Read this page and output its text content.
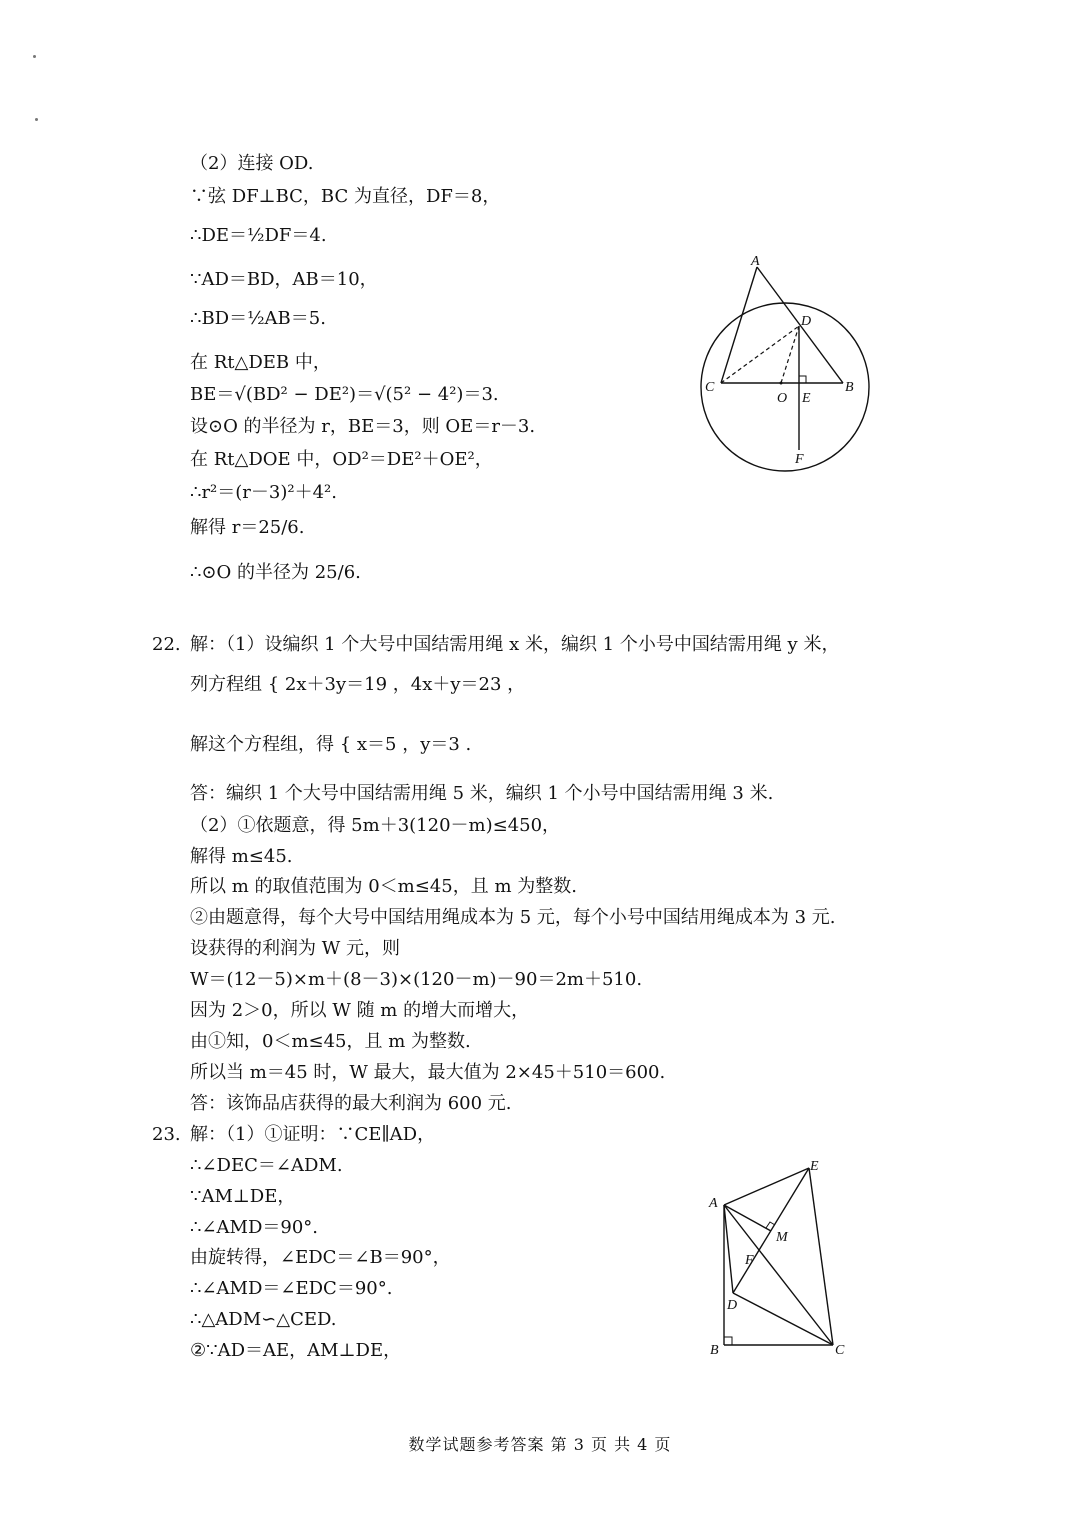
（2）连接 OD.
∵弦 DF⊥BC，BC 为直径，DF＝8，
∴DE＝½DF＝4.
∵AD＝BD，AB＝10，
∴BD＝½AB＝5.
在 Rt△DEB 中，
BE＝√(BD² − DE²)＝√(5² − 4²)＝3.
设⊙O 的半径为 r，BE＝3，则 OE＝r－3.
在 Rt△DOE 中，OD²＝DE²＋OE²，
∴r²＝(r－3)²＋4².
解得 r＝25/6.
∴⊙O 的半径为 25/6.
A
D
C	B
O E
F
22. 解：（1）设编织 1 个大号中国结需用绳 x 米，编织 1 个小号中国结需用绳 y 米，
列方程组 { 2x＋3y＝19 ，4x＋y＝23 ，
解这个方程组，得 { x＝5 ，y＝3 .
答：编织 1 个大号中国结需用绳 5 米，编织 1 个小号中国结需用绳 3 米.
（2）①依题意，得 5m＋3(120－m)≤450，
解得 m≤45.
所以 m 的取值范围为 0＜m≤45，且 m 为整数.
②由题意得，每个大号中国结用绳成本为 5 元，每个小号中国结用绳成本为 3 元.
设获得的利润为 W 元，则
W＝(12－5)×m＋(8－3)×(120－m)－90＝2m＋510.
因为 2＞0，所以 W 随 m 的增大而增大，
由①知，0＜m≤45，且 m 为整数.
所以当 m＝45 时，W 最大，最大值为 2×45＋510＝600.
答：该饰品店获得的最大利润为 600 元.
23. 解：（1）①证明：∵CE∥AD，
∴∠DEC＝∠ADM.
∵AM⊥DE，
∴∠AMD＝90°.
由旋转得，∠EDC＝∠B＝90°，
∴∠AMD＝∠EDC＝90°.
∴△ADM∽△CED.
②∵AD＝AE，AM⊥DE，
E
A
M
F
D
B	C
数学试题参考答案 第 3 页 共 4 页
